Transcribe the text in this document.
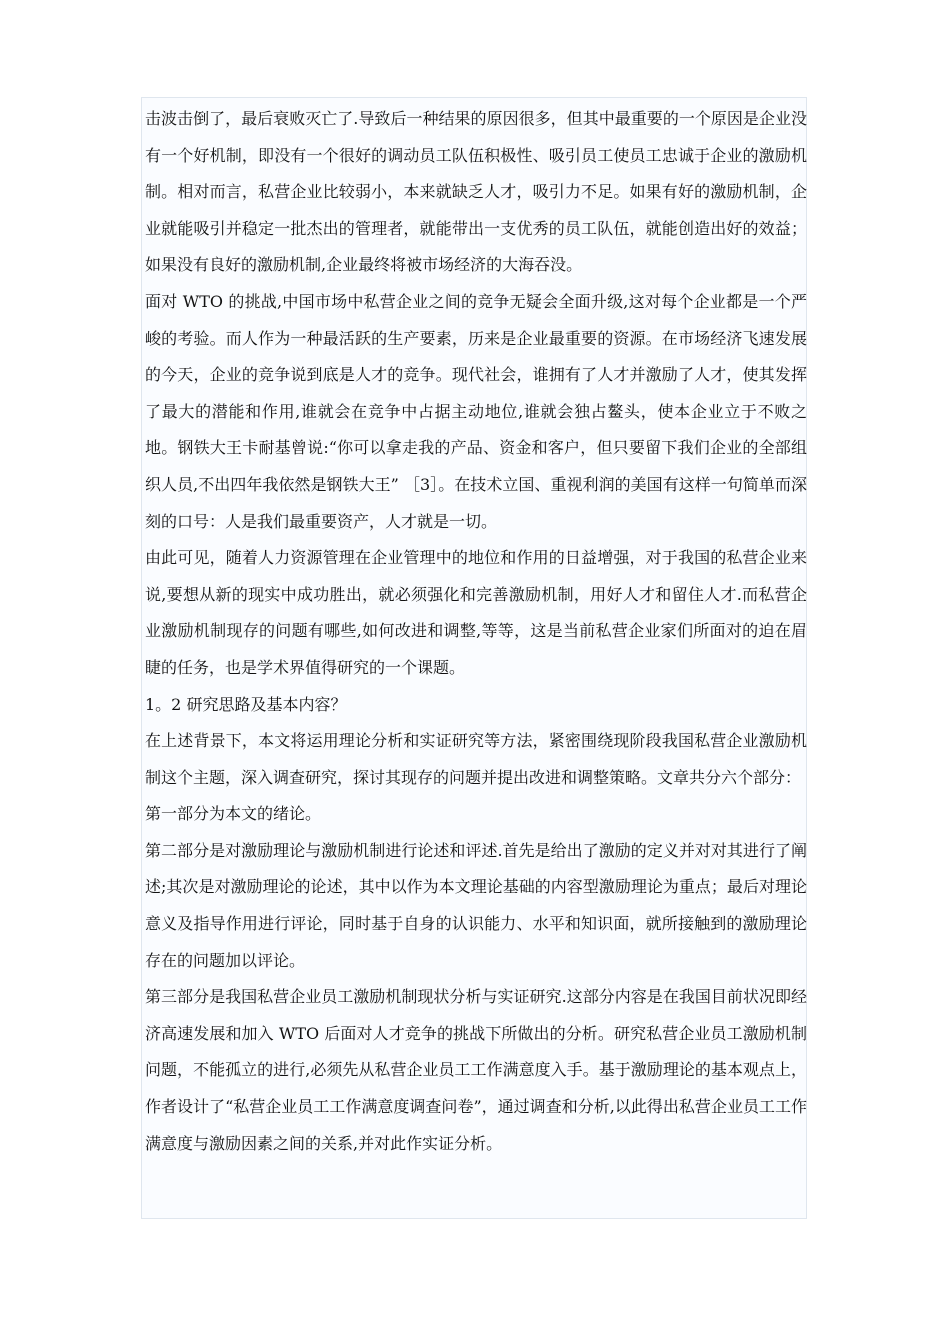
击波击倒了，最后衰败灭亡了.导致后一种结果的原因很多，但其中最重要的一个原因是企业没有一个好机制，即没有一个很好的调动员工队伍积极性、吸引员工使员工忠诚于企业的激励机制。相对而言，私营企业比较弱小，本来就缺乏人才，吸引力不足。如果有好的激励机制，企业就能吸引并稳定一批杰出的管理者，就能带出一支优秀的员工队伍，就能创造出好的效益；如果没有良好的激励机制,企业最终将被市场经济的大海吞没。

面对 WTO 的挑战,中国市场中私营企业之间的竞争无疑会全面升级,这对每个企业都是一个严峻的考验。而人作为一种最活跃的生产要素，历来是企业最重要的资源。在市场经济飞速发展的今天，企业的竞争说到底是人才的竞争。现代社会，谁拥有了人才并激励了人才，使其发挥了最大的潜能和作用,谁就会在竞争中占据主动地位,谁就会独占鳌头，使本企业立于不败之地。钢铁大王卡耐基曾说:“你可以拿走我的产品、资金和客户，但只要留下我们企业的全部组织人员,不出四年我依然是钢铁大王” ［3］。在技术立国、重视利润的美国有这样一句简单而深刻的口号：人是我们最重要资产，人才就是一切。

由此可见，随着人力资源管理在企业管理中的地位和作用的日益增强，对于我国的私营企业来说,要想从新的现实中成功胜出，就必须强化和完善激励机制，用好人才和留住人才.而私营企业激励机制现存的问题有哪些,如何改进和调整,等等，这是当前私营企业家们所面对的迫在眉睫的任务，也是学术界值得研究的一个课题。

1。2 研究思路及基本内容？

在上述背景下，本文将运用理论分析和实证研究等方法，紧密围绕现阶段我国私营企业激励机制这个主题，深入调查研究，探讨其现存的问题并提出改进和调整策略。文章共分六个部分：

第一部分为本文的绪论。

第二部分是对激励理论与激励机制进行论述和评述.首先是给出了激励的定义并对对其进行了阐述;其次是对激励理论的论述，其中以作为本文理论基础的内容型激励理论为重点；最后对理论意义及指导作用进行评论，同时基于自身的认识能力、水平和知识面，就所接触到的激励理论存在的问题加以评论。

第三部分是我国私营企业员工激励机制现状分析与实证研究.这部分内容是在我国目前状况即经济高速发展和加入 WTO 后面对人才竞争的挑战下所做出的分析。研究私营企业员工激励机制问题，不能孤立的进行,必须先从私营企业员工工作满意度入手。基于激励理论的基本观点上，作者设计了“私营企业员工工作满意度调查问卷”，通过调查和分析,以此得出私营企业员工工作满意度与激励因素之间的关系,并对此作实证分析。
